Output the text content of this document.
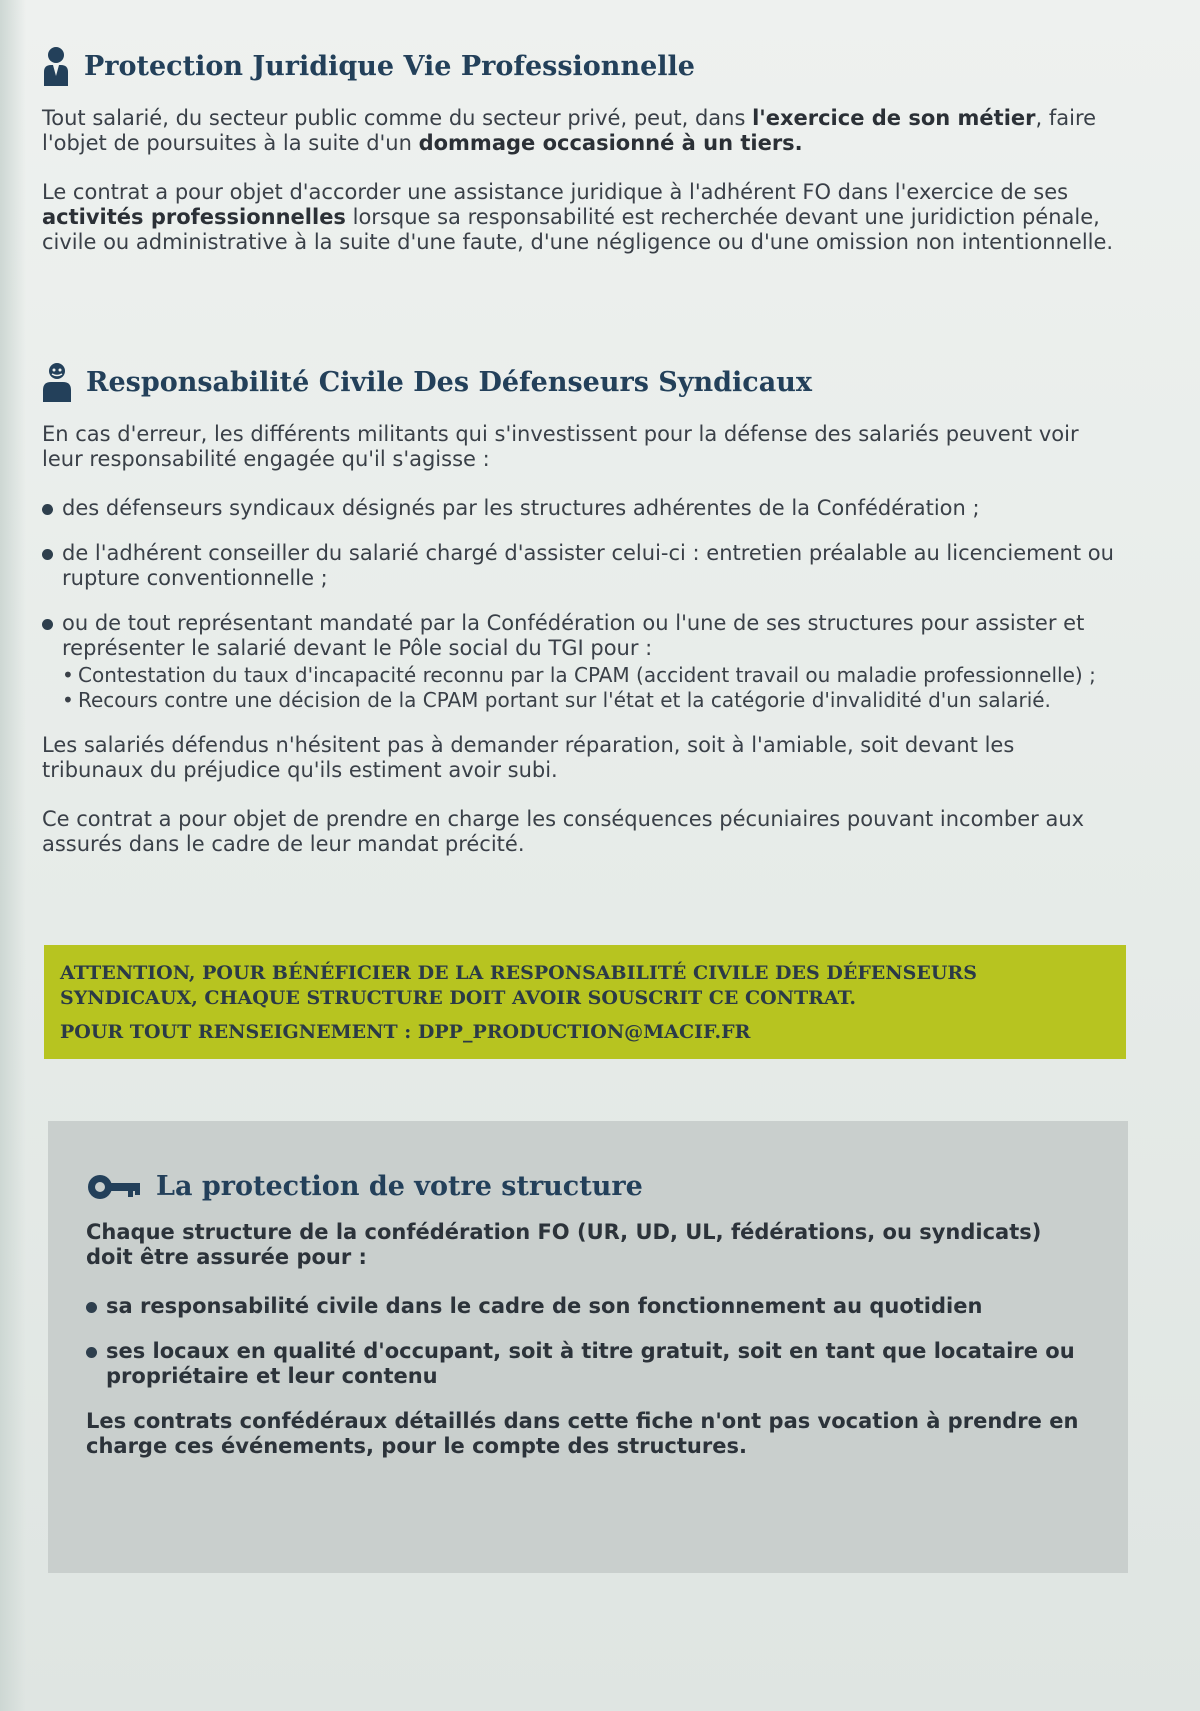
Protection Juridique Vie Professionnelle

Tout salarié, du secteur public comme du secteur privé, peut, dans l'exercice de son métier, faire l'objet de poursuites à la suite d'un dommage occasionné à un tiers.

Le contrat a pour objet d'accorder une assistance juridique à l'adhérent FO dans l'exercice de ses activités professionnelles lorsque sa responsabilité est recherchée devant une juridiction pénale, civile ou administrative à la suite d'une faute, d'une négligence ou d'une omission non intentionnelle.

Responsabilité Civile Des Défenseurs Syndicaux

En cas d'erreur, les différents militants qui s'investissent pour la défense des salariés peuvent voir leur responsabilité engagée qu'il s'agisse :

des défenseurs syndicaux désignés par les structures adhérentes de la Confédération ;
de l'adhérent conseiller du salarié chargé d'assister celui-ci : entretien préalable au licenciement ou rupture conventionnelle ;
ou de tout représentant mandaté par la Confédération ou l'une de ses structures pour assister et représenter le salarié devant le Pôle social du TGI pour :
• Contestation du taux d'incapacité reconnu par la CPAM (accident travail ou maladie professionnelle) ;
• Recours contre une décision de la CPAM portant sur l'état et la catégorie d'invalidité d'un salarié.

Les salariés défendus n'hésitent pas à demander réparation, soit à l'amiable, soit devant les tribunaux du préjudice qu'ils estiment avoir subi.

Ce contrat a pour objet de prendre en charge les conséquences pécuniaires pouvant incomber aux assurés dans le cadre de leur mandat précité.

ATTENTION, POUR BÉNÉFICIER DE LA RESPONSABILITÉ CIVILE DES DÉFENSEURS
SYNDICAUX, CHAQUE STRUCTURE DOIT AVOIR SOUSCRIT CE CONTRAT.
POUR TOUT RENSEIGNEMENT : DPP_PRODUCTION@MACIF.FR
La protection de votre structure

Chaque structure de la confédération FO (UR, UD, UL, fédérations, ou syndicats) doit être assurée pour :

sa responsabilité civile dans le cadre de son fonctionnement au quotidien
ses locaux en qualité d'occupant, soit à titre gratuit, soit en tant que locataire ou propriétaire et leur contenu

Les contrats confédéraux détaillés dans cette fiche n'ont pas vocation à prendre en charge ces événements, pour le compte des structures.
